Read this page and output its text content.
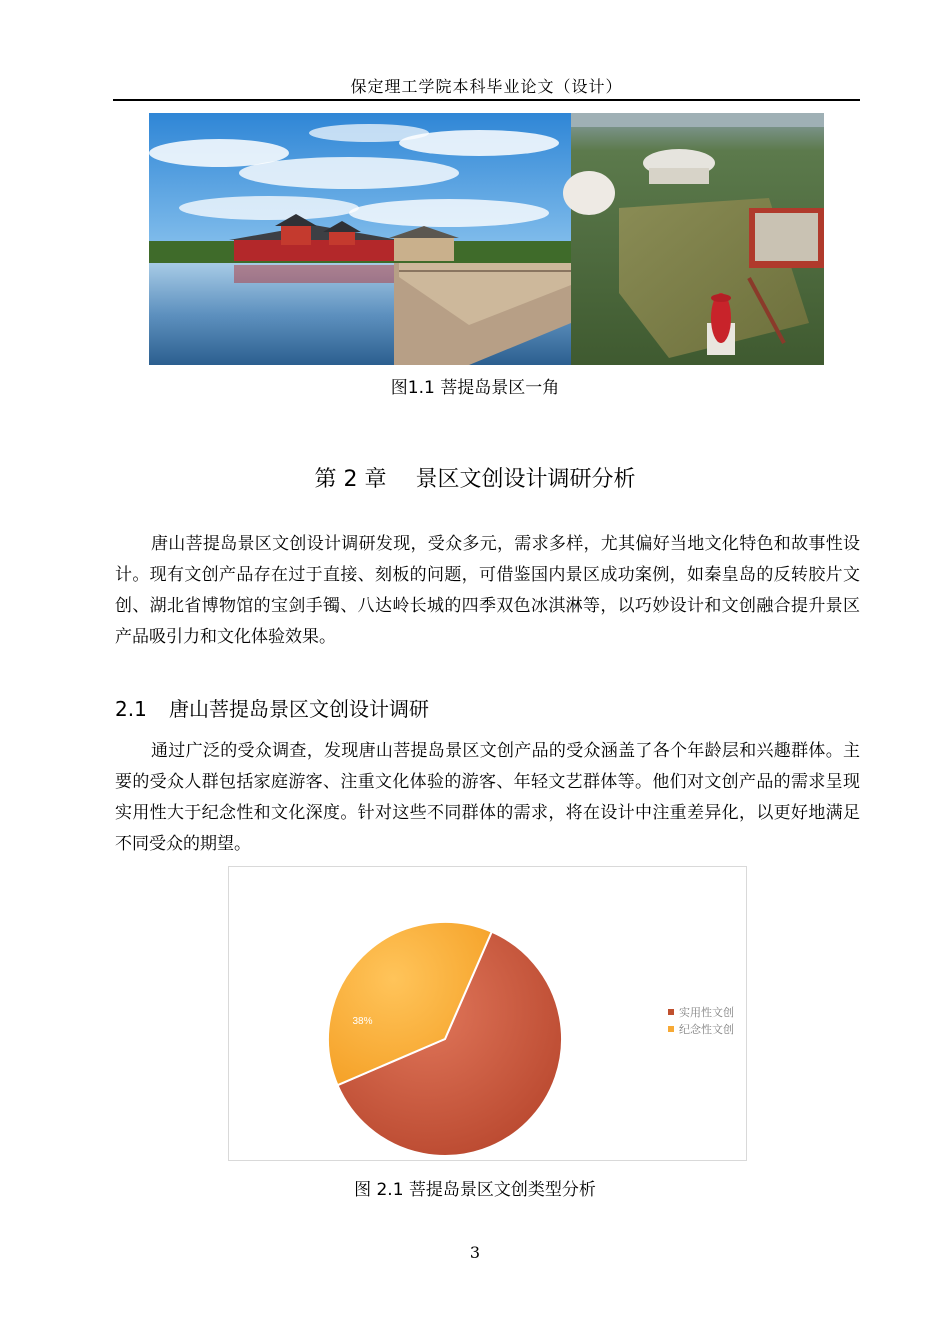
保定理工学院本科毕业论文（设计）
图1.1 菩提岛景区一角
第 2 章　 景区文创设计调研分析

唐山菩提岛景区文创设计调研发现，受众多元，需求多样，尤其偏好当地文化特色和故事性设计。现有文创产品存在过于直接、刻板的问题，可借鉴国内景区成功案例，如秦皇岛的反转胶片文创、湖北省博物馆的宝剑手镯、八达岭长城的四季双色冰淇淋等，以巧妙设计和文创融合提升景区产品吸引力和文化体验效果。

2.1 唐山菩提岛景区文创设计调研

通过广泛的受众调查，发现唐山菩提岛景区文创产品的受众涵盖了各个年龄层和兴趣群体。主要的受众人群包括家庭游客、注重文化体验的游客、年轻文艺群体等。他们对文创产品的需求呈现实用性大于纪念性和文化深度。针对这些不同群体的需求，将在设计中注重差异化，以更好地满足不同受众的期望。

62%
38%
实用性文创
纪念性文创
图 2.1 菩提岛景区文创类型分析
3
